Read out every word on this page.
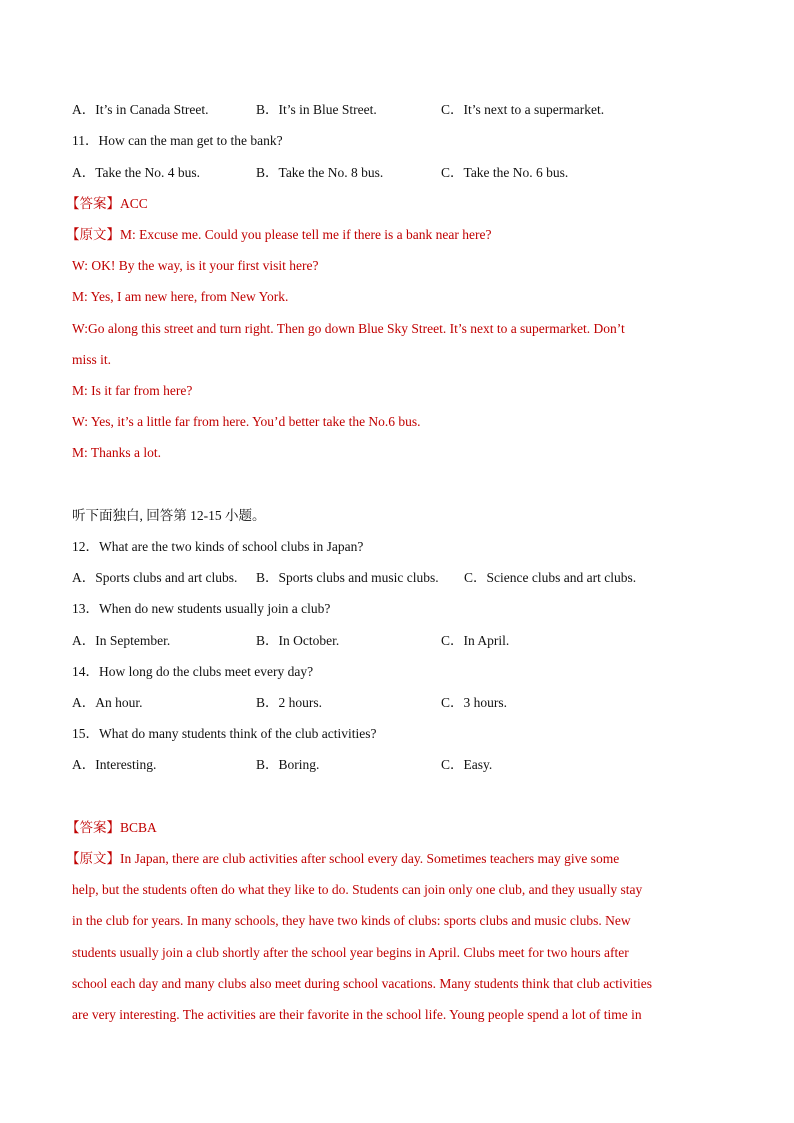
A．It’s in Canada Street.	B．It’s in Blue Street.	C．It’s next to a supermarket.
11．How can the man get to the bank?
A．Take the No. 4 bus.	B．Take the No. 8 bus.	C．Take the No. 6 bus.
【答案】ACC
【原文】M: Excuse me. Could you please tell me if there is a bank near here?
W: OK! By the way, is it your first visit here?
M: Yes, I am new here, from New York.
W:Go along this street and turn right. Then go down Blue Sky Street. It’s next to a supermarket. Don’t
miss it.
M: Is it far from here?
W: Yes, it’s a little far from here. You’d better take the No.6 bus.
M: Thanks a lot.
听下面独白, 回答第 12-15 小题。
12．What are the two kinds of school clubs in Japan?
A．Sports clubs and art clubs. B．Sports clubs and music clubs. C．Science clubs and art clubs.
13．When do new students usually join a club?
A．In September.	B．In October.	C．In April.
14．How long do the clubs meet every day?
A．An hour.	B．2 hours.	C．3 hours.
15．What do many students think of the club activities?
A．Interesting.	B．Boring.	C．Easy.
【答案】BCBA
【原文】In Japan, there are club activities after school every day. Sometimes teachers may give some
help, but the students often do what they like to do. Students can join only one club, and they usually stay
in the club for years. In many schools, they have two kinds of clubs: sports clubs and music clubs. New
students usually join a club shortly after the school year begins in April. Clubs meet for two hours after
school each day and many clubs also meet during school vacations. Many students think that club activities
are very interesting. The activities are their favorite in the school life. Young people spend a lot of time in
